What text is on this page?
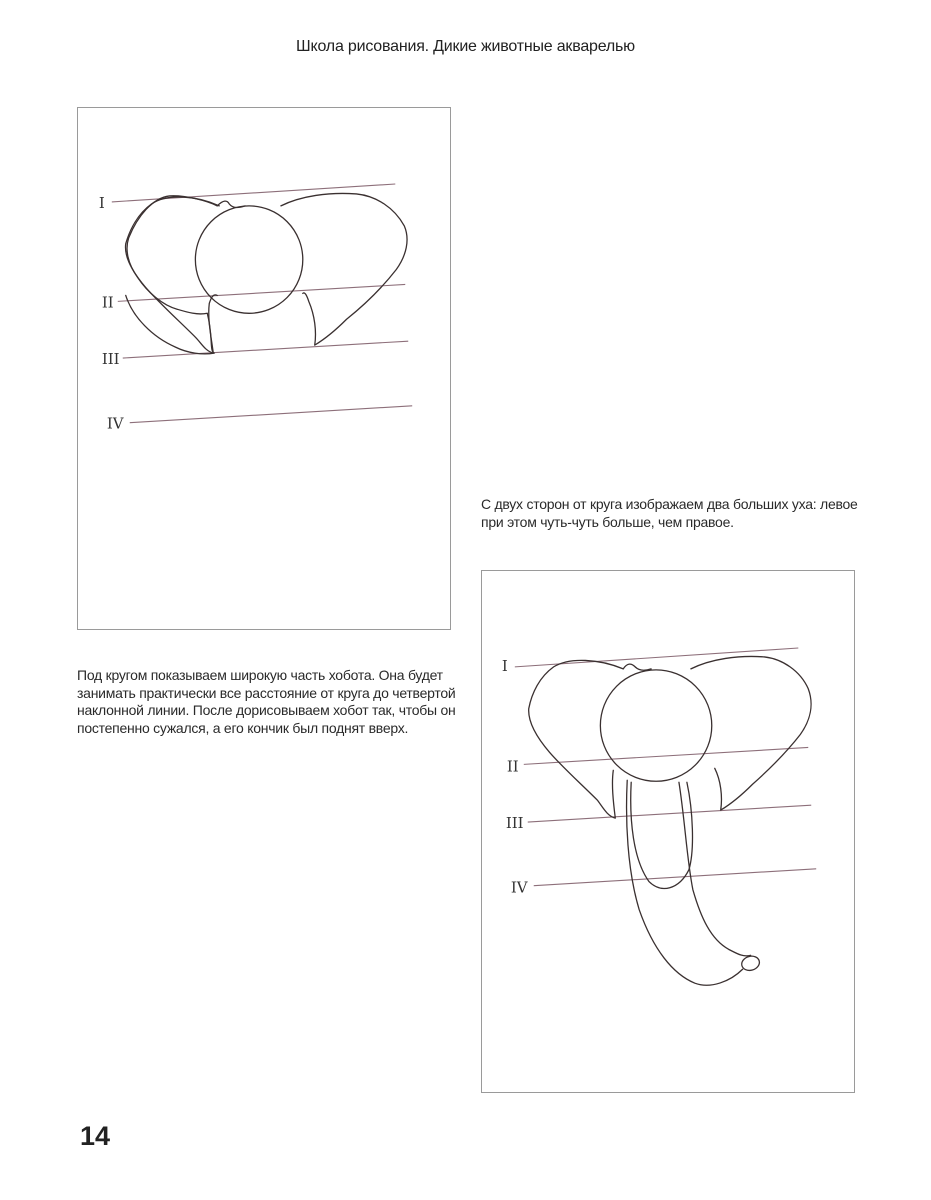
Школа рисования. Дикие животные акварелью
I
II
III
IV

С двух сторон от круга изображаем два больших уха: левое при этом чуть-чуть больше, чем правое.

Под кругом показываем широкую часть хобота. Она будет занимать практически все расстояние от круга до четвертой наклонной линии. После дорисовываем хобот так, чтобы он постепенно сужался, а его кончик был поднят вверх.

I
II
III
IV
14
